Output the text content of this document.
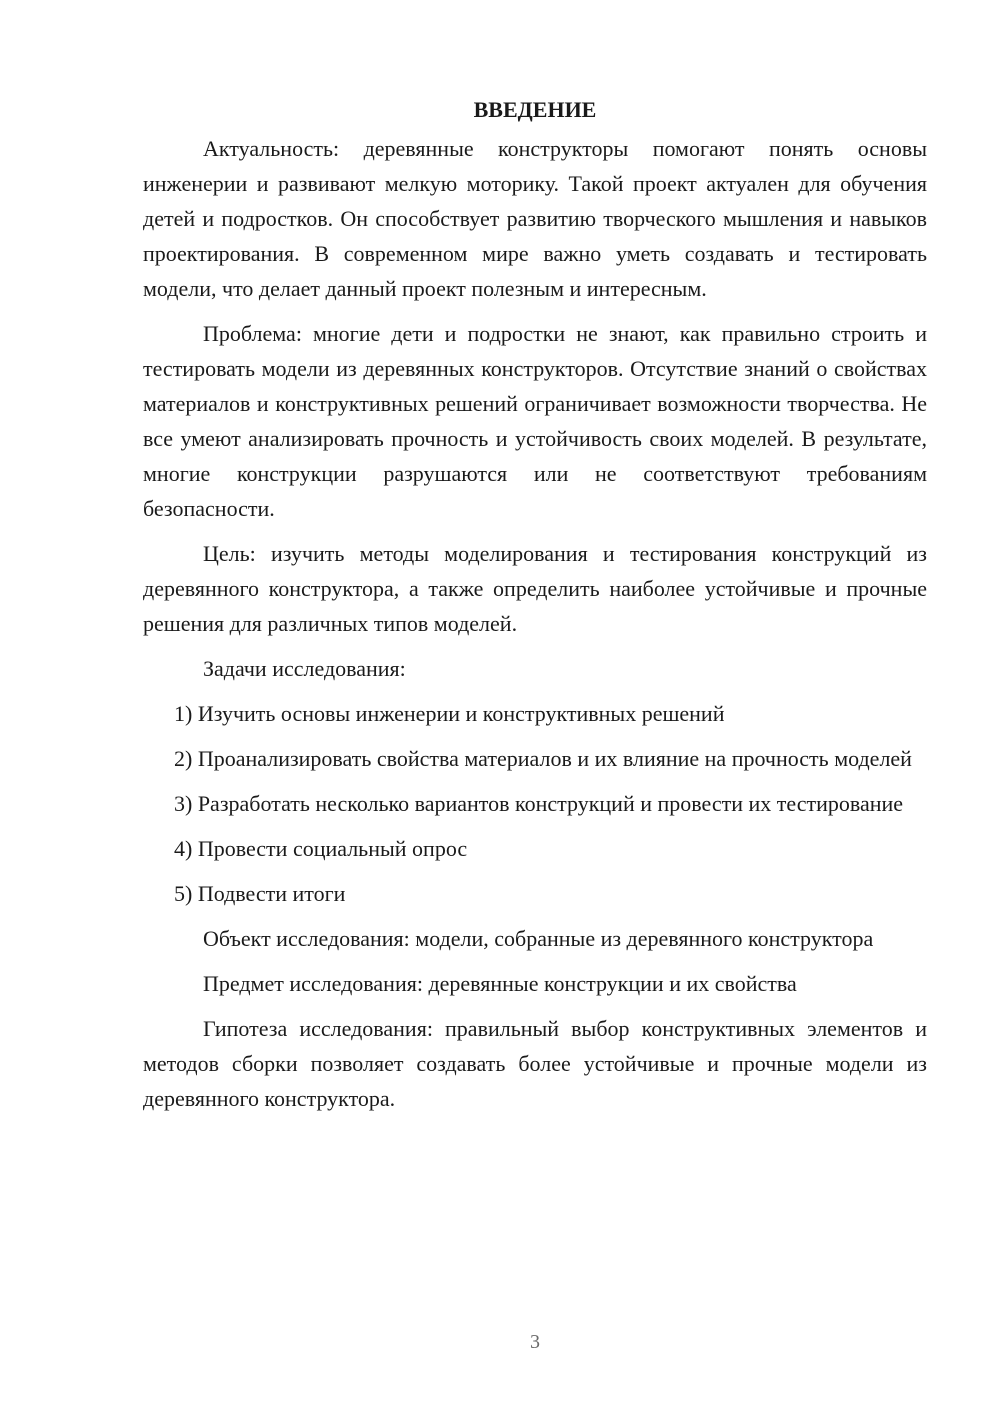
ВВЕДЕНИЕ

Актуальность: деревянные конструкторы помогают понять основы инженерии и развивают мелкую моторику. Такой проект актуален для обучения детей и подростков. Он способствует развитию творческого мышления и навыков проектирования. В современном мире важно уметь создавать и тестировать модели, что делает данный проект полезным и интересным.

Проблема: многие дети и подростки не знают, как правильно строить и тестировать модели из деревянных конструкторов. Отсутствие знаний о свойствах материалов и конструктивных решений ограничивает возможности творчества. Не все умеют анализировать прочность и устойчивость своих моделей. В результате, многие конструкции разрушаются или не соответствуют требованиям безопасности.

Цель: изучить методы моделирования и тестирования конструкций из деревянного конструктора, а также определить наиболее устойчивые и прочные решения для различных типов моделей.

Задачи исследования:

1) Изучить основы инженерии и конструктивных решений

2) Проанализировать свойства материалов и их влияние на прочность моделей

3) Разработать несколько вариантов конструкций и провести их тестирование

4) Провести социальный опрос

5) Подвести итоги

Объект исследования: модели, собранные из деревянного конструктора

Предмет исследования: деревянные конструкции и их свойства

Гипотеза исследования: правильный выбор конструктивных элементов и методов сборки позволяет создавать более устойчивые и прочные модели из деревянного конструктора.

3
